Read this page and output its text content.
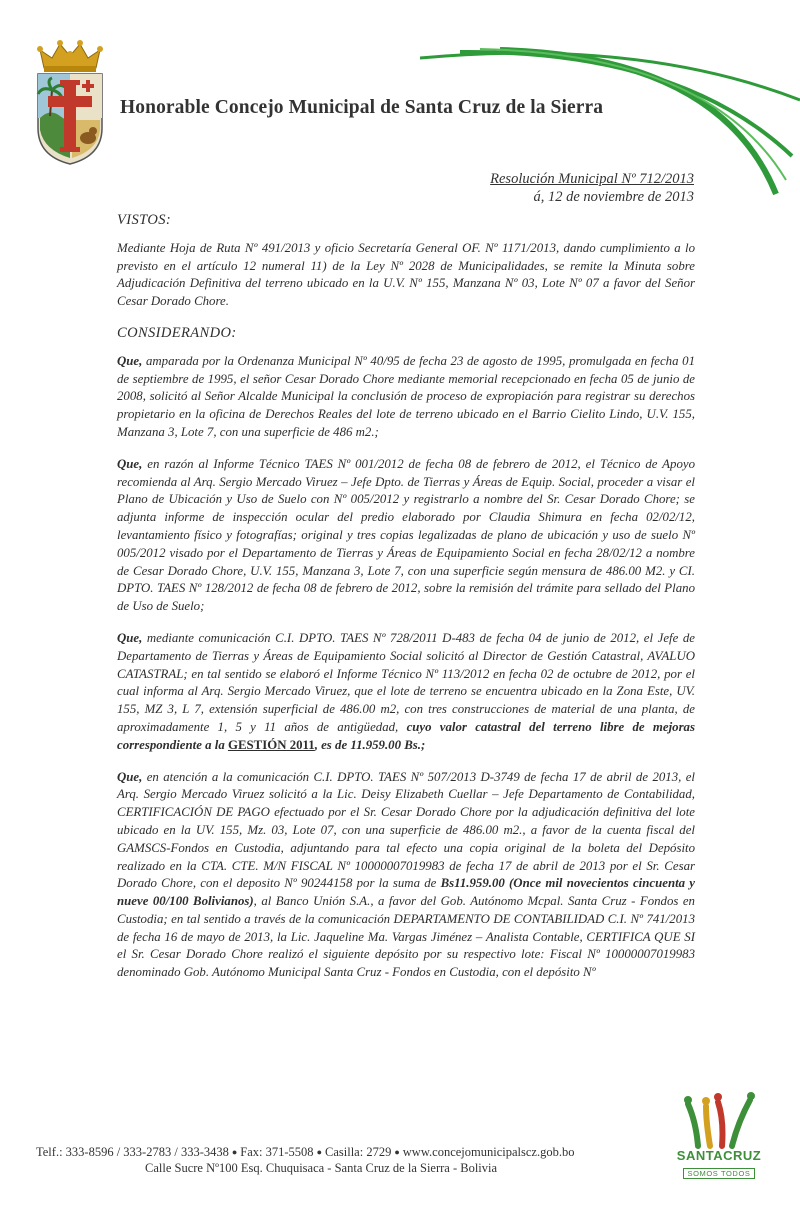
Honorable Concejo Municipal de Santa Cruz de la Sierra
Resolución Municipal Nº 712/2013
á, 12 de noviembre de 2013
VISTOS:

Mediante Hoja de Ruta Nº 491/2013 y oficio Secretaría General OF. Nº 1171/2013, dando cumplimiento a lo previsto en el artículo 12 numeral 11) de la Ley Nº 2028 de Municipalidades, se remite la Minuta sobre Adjudicación Definitiva del terreno ubicado en la U.V. Nº 155, Manzana Nº 03, Lote Nº 07 a favor del Señor Cesar Dorado Chore.

CONSIDERANDO:

Que, amparada por la Ordenanza Municipal Nº 40/95 de fecha 23 de agosto de 1995, promulgada en fecha 01 de septiembre de 1995, el señor Cesar Dorado Chore mediante memorial recepcionado en fecha 05 de junio de 2008, solicitó al Señor Alcalde Municipal la conclusión de proceso de expropiación para registrar su derechos propietario en la oficina de Derechos Reales del lote de terreno ubicado en el Barrio Cielito Lindo, U.V. 155, Manzana 3, Lote 7, con una superficie de 486 m2.;

Que, en razón al Informe Técnico TAES Nº 001/2012 de fecha 08 de febrero de 2012, el Técnico de Apoyo recomienda al Arq. Sergio Mercado Viruez – Jefe Dpto. de Tierras y Áreas de Equip. Social, proceder a visar el Plano de Ubicación y Uso de Suelo con Nº 005/2012 y registrarlo a nombre del Sr. Cesar Dorado Chore; se adjunta informe de inspección ocular del predio elaborado por Claudia Shimura en fecha 02/02/12, levantamiento físico y fotografías; original y tres copias legalizadas de plano de ubicación y uso de suelo Nº 005/2012 visado por el Departamento de Tierras y Áreas de Equipamiento Social en fecha 28/02/12 a nombre de Cesar Dorado Chore, U.V. 155, Manzana 3, Lote 7, con una superficie según mensura de 486.00 M2. y CI. DPTO. TAES Nº 128/2012 de fecha 08 de febrero de 2012, sobre la remisión del trámite para sellado del Plano de Uso de Suelo;

Que, mediante comunicación C.I. DPTO. TAES Nº 728/2011 D-483 de fecha 04 de junio de 2012, el Jefe de Departamento de Tierras y Áreas de Equipamiento Social solicitó al Director de Gestión Catastral, AVALUO CATASTRAL; en tal sentido se elaboró el Informe Técnico Nº 113/2012 en fecha 02 de octubre de 2012, por el cual informa al Arq. Sergio Mercado Viruez, que el lote de terreno se encuentra ubicado en la Zona Este, UV. 155, MZ 3, L 7, extensión superficial de 486.00 m2, con tres construcciones de material de una planta, de aproximadamente 1, 5 y 11 años de antigüedad, cuyo valor catastral del terreno libre de mejoras correspondiente a la GESTIÓN 2011, es de 11.959.00 Bs.;

Que, en atención a la comunicación C.I. DPTO. TAES Nº 507/2013 D-3749 de fecha 17 de abril de 2013, el Arq. Sergio Mercado Viruez solicitó a la Lic. Deisy Elizabeth Cuellar – Jefe Departamento de Contabilidad, CERTIFICACIÓN DE PAGO efectuado por el Sr. Cesar Dorado Chore por la adjudicación definitiva del lote ubicado en la UV. 155, Mz. 03, Lote 07, con una superficie de 486.00 m2., a favor de la cuenta fiscal del GAMSCS-Fondos en Custodia, adjuntando para tal efecto una copia original de la boleta del Depósito realizado en la CTA. CTE. M/N FISCAL Nº 10000007019983 de fecha 17 de abril de 2013 por el Sr. Cesar Dorado Chore, con el deposito Nº 90244158 por la suma de Bs11.959.00 (Once mil novecientos cincuenta y nueve 00/100 Bolivianos), al Banco Unión S.A., a favor del Gob. Autónomo Mcpal. Santa Cruz - Fondos en Custodia; en tal sentido a través de la comunicación DEPARTAMENTO DE CONTABILIDAD C.I. Nº 741/2013 de fecha 16 de mayo de 2013, la Lic. Jaqueline Ma. Vargas Jiménez – Analista Contable, CERTIFICA QUE SI el Sr. Cesar Dorado Chore realizó el siguiente depósito por su respectivo lote: Fiscal Nº 10000007019983 denominado Gob. Autónomo Municipal Santa Cruz - Fondos en Custodia, con el depósito Nº

Telf.: 333-8596 / 333-2783 / 333-3438 ● Fax: 371-5508 ● Casilla: 2729 ● www.concejomunicipalscz.gob.bo
Calle Sucre Nº100 Esq. Chuquisaca - Santa Cruz de la Sierra - Bolivia
SANTACRUZ
SOMOS TODOS
